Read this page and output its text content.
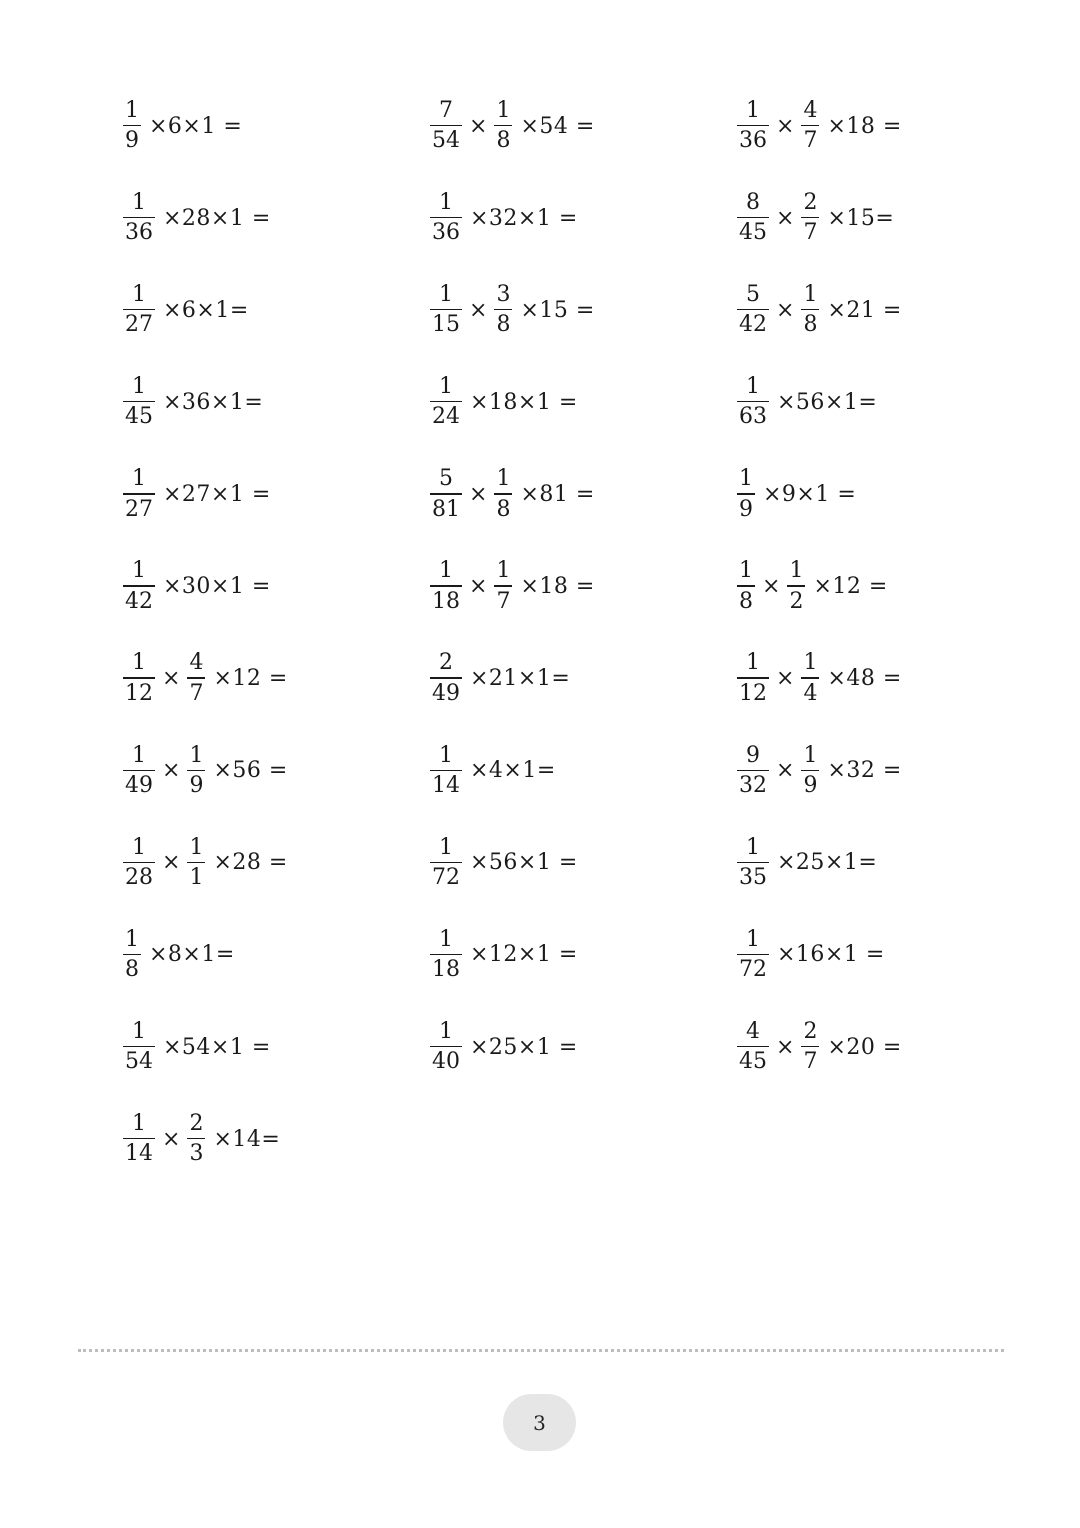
$\frac{1}{9} \times 6\times 1$ =	$\frac{7}{54} \times \frac{1}{8} \times 54$ =	$\frac{1}{36} \times \frac{4}{7} \times 18$ =
$\frac{1}{36} \times 28\times 1$ =	$\frac{1}{36} \times 32\times 1$ =	$\frac{8}{45} \times \frac{2}{7} \times 15=$
$\frac{1}{27} \times 6\times 1=$	$\frac{1}{15} \times \frac{3}{8} \times 15$ =	$\frac{5}{42} \times \frac{1}{8} \times 21$ =
$\frac{1}{45} \times 36\times 1=$	$\frac{1}{24} \times 18\times 1$ =	$\frac{1}{63} \times 56\times 1=$
$\frac{1}{27} \times 27\times 1$ =	$\frac{5}{81} \times \frac{1}{8} \times 81$ =	$\frac{1}{9} \times 9\times 1$ =
$\frac{1}{42} \times 30\times 1$ =	$\frac{1}{18} \times \frac{1}{7} \times 18$ =	$\frac{1}{8} \times \frac{1}{2} \times 12$ =
$\frac{1}{12} \times \frac{4}{7} \times 12$ =	$\frac{2}{49} \times 21\times 1=$	$\frac{1}{12} \times \frac{1}{4} \times 48$ =
$\frac{1}{49} \times \frac{1}{9} \times 56$ =	$\frac{1}{14} \times 4\times 1=$	$\frac{9}{32} \times \frac{1}{9} \times 32$ =
$\frac{1}{28} \times \frac{1}{1} \times 28$ =	$\frac{1}{72} \times 56\times 1$ =	$\frac{1}{35} \times 25\times 1=$
$\frac{1}{8} \times 8\times 1=$	$\frac{1}{18} \times 12\times 1$ =	$\frac{1}{72} \times 16\times 1$ =
$\frac{1}{54} \times 54\times 1$ =	$\frac{1}{40} \times 25\times 1$ =	$\frac{4}{45} \times \frac{2}{7} \times 20$ =
$\frac{1}{14} \times \frac{2}{3} \times 14=$
3
